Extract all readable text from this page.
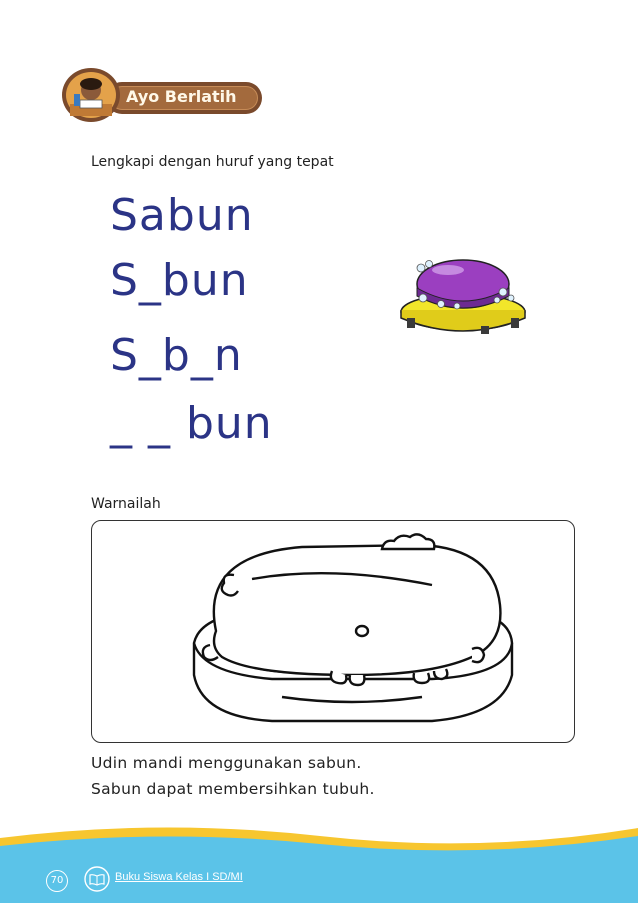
Ayo Berlatih
Lengkapi dengan huruf yang tepat
Sabun
S_bun
S_b_n
_ _ bun
Warnailah
Udin mandi menggunakan sabun.
Sabun dapat membersihkan tubuh.
70	Buku Siswa Kelas I SD/MI
